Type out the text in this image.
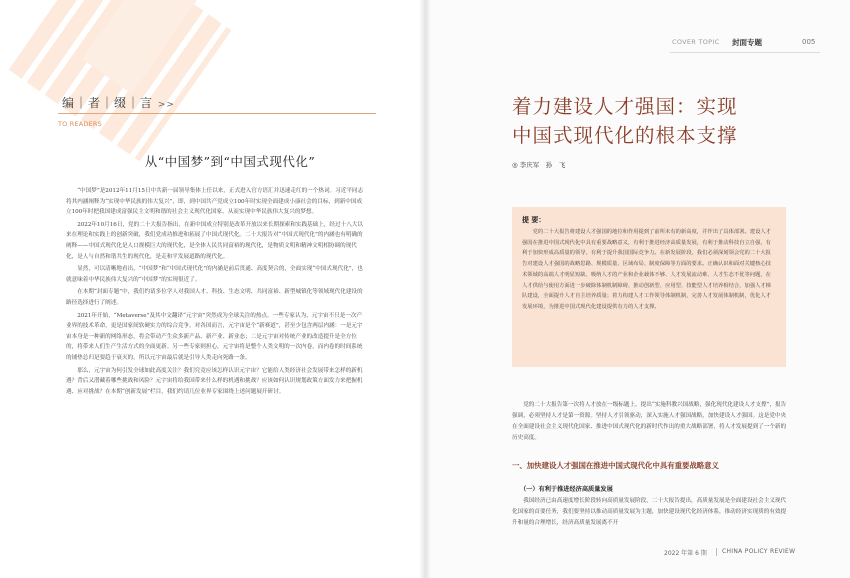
编｜者｜缀｜言 >>
TO READERS
从“中国梦”到“中国式现代化”

“中国梦”是2012年11月15日中共新一届领导集体上任以来，正式进入官方语汇并迅速走红的一个热词。习近平同志将其内涵阐释为“实现中华民族的伟大复兴”，即，到中国共产党成立100年时实现全面建成小康社会的目标，到新中国成立100年时把我国建成富强民主文明和谐的社会主义现代化国家，从而实现中华民族伟大复兴的梦想。

2022年10月16日，党的二十大报告指出，在新中国成立特别是改革开放以来长期探索和实践基础上，经过十八大以来在理论和实践上的创新突破，我们党成功推进和拓展了中国式现代化。二十大报告对“中国式现代化”的内涵也有明确的阐释——中国式现代化是人口规模巨大的现代化，是全体人民共同富裕的现代化，是物质文明和精神文明相协调的现代化，是人与自然和谐共生的现代化，是走和平发展道路的现代化。

显然，可以清晰地看出，“中国梦”和“中国式现代化”的内涵是前后贯通、高度契合的，全面实现“中国式现代化”，也就意味着中华民族伟大复兴的“中国梦”的实现很近了。

在本期“封面专题”中，我们约请多位学人对我国人才、科技、生态文明、共同富裕、新型城镇化等领域现代化建设的路径选择进行了阐述。

2021年开始，“Metaverse”及其中文翻译“元宇宙”突然成为全球关注的热点。一些专家认为，元宇宙不只是一次产业界的技术革命，更是国家间软硬实力的综合竞争。对各国而言，元宇宙是个“新赛道”，甚至少包含两层内涵：一是元宇宙本身是一种新的网络形态，将会带动产生众多新产品、新产业、新业态；二是元宇宙对传统产业的改造提升是全方位的，将带来人们生产生活方式的全面更新。另一些专家则担心，元宇宙将是整个人类文明的一次内卷，而内卷的时间系统的铺垫总归是要趋于衰灭的，所以元宇宙最后就是引导人类走向死路一条。

那么，元宇宙为何引发全球如此高度关注？我们究竟应该怎样认识元宇宙？它能给人类经济社会发展带来怎样的新机遇？背后又潜藏着哪些挑战和风险？元宇宙将给我国带来什么样的机遇和挑战？应该如何认识规划政策方面发力来把握机遇、应对挑战？在本期“创新发展”栏目，我们约请几位业界专家围绕上述问题展开研讨。

COVER TOPIC 封面专题	005
着力建设人才强国：实现
中国式现代化的根本支撑
◎ 李庆军　孙　飞
提 要：

党的二十大报告将建设人才强国的地位和作用提到了前所未有的新高度，并作出了具体部署。建设人才强国在推进中国式现代化中具有重要战略意义，有利于推进经济高质量发展，有利于推动科技自立自强，有利于加快形成高质量的领导，有利于提升我国国际竞争力。在新发展阶段，我们必须深刻领会党的二十大报告对建设人才强国的战略思路、规模质量、区域布局、制度保障等方面的要求。正确认识和面对关键核心技术领域的高端人才明显短缺、吸纳人才的产业和企业载体不够、人才发展流动难、人才生态不优等问题，在人才供给与使用方面进一步破除体制机制障碍，推动创新型、应用型、技能型人才培养相结合，加强人才梯队建设，全面提升人才自主培养质量；着力构建人才工作领导体制机制，完善人才发展体制机制，优化人才发展环境，为推进中国式现代化建设提供有力的人才支撑。

党的二十大报告第一次将人才放在一级标题上，提出“实施科教兴国战略，强化现代化建设人才支撑”，报告强调，必须坚持人才是第一资源。坚持人才引领驱动，深入实施人才强国战略，加快建设人才强国。这是党中央在全面建设社会主义现代化国家、推进中国式现代化的新时代作出的重大战略部署，将人才发展提到了一个新的历史高度。
一、加快建设人才强国在推进中国式现代化中具有重要战略意义
（一）有利于推进经济高质量发展
我国经济已由高速度增长阶段转向高质量发展阶段，二十大报告提出，高质量发展是全面建设社会主义现代化国家的首要任务，我们要坚持以推动高质量发展为主题，加快建设现代化经济体系，推动经济实现质的有效提升和量的合理增长，经济高质量发展离不开
2022 年第 6 期	CHINA POLICY REVIEW
